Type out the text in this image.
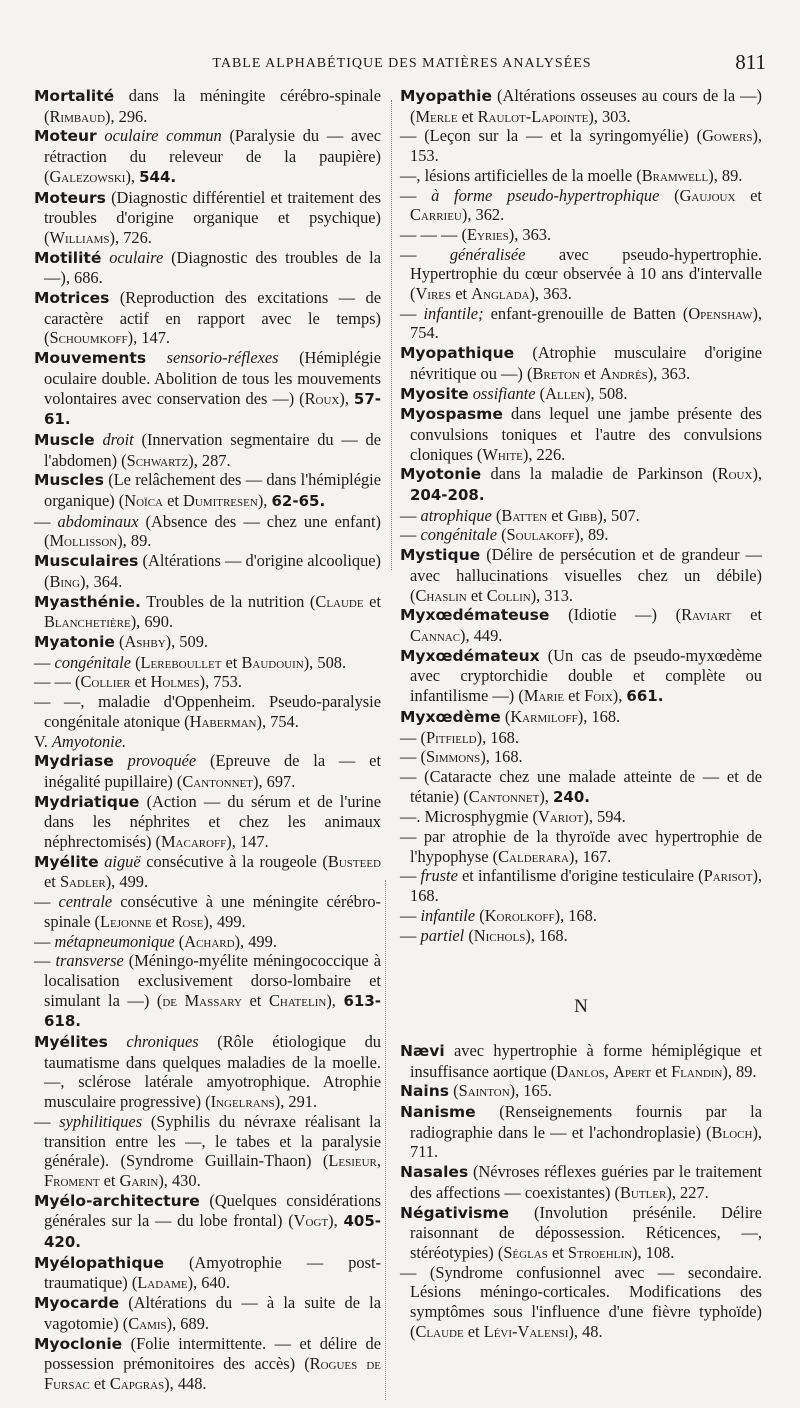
TABLE ALPHABÉTIQUE DES MATIÈRES ANALYSÉES	811

Mortalité dans la méningite cérébro-spinale (Rimbaud), 296.

Moteur oculaire commun (Paralysie du — avec rétraction du releveur de la paupière) (Galezowski), 544.

Moteurs (Diagnostic différentiel et traitement des troubles d'origine organique et psychique) (Williams), 726.

Motilité oculaire (Diagnostic des troubles de la —), 686.

Motrices (Reproduction des excitations — de caractère actif en rapport avec le temps) (Schoumkoff), 147.

Mouvements sensorio-réflexes (Hémiplégie oculaire double. Abolition de tous les mouvements volontaires avec conservation des —) (Roux), 57-61.

Muscle droit (Innervation segmentaire du — de l'abdomen) (Schwartz), 287.

Muscles (Le relâchement des — dans l'hémiplégie organique) (Noïca et Dumitresen), 62-65.

— abdominaux (Absence des — chez une enfant) (Mollisson), 89.

Musculaires (Altérations — d'origine alcoolique) (Bing), 364.

Myasthénie. Troubles de la nutrition (Claude et Blanchetière), 690.

Myatonie (Ashby), 509.

— congénitale (Lereboullet et Baudouin), 508.

— — (Collier et Holmes), 753.

— —, maladie d'Oppenheim. Pseudo-paralysie congénitale atonique (Haberman), 754.

V. Amyotonie.

Mydriase provoquée (Epreuve de la — et inégalité pupillaire) (Cantonnet), 697.

Mydriatique (Action — du sérum et de l'urine dans les néphrites et chez les animaux néphrectomisés) (Macaroff), 147.

Myélite aiguë consécutive à la rougeole (Busteed et Sadler), 499.

— centrale consécutive à une méningite cérébro-spinale (Lejonne et Rose), 499.

— métapneumonique (Achard), 499.

— transverse (Méningo-myélite méningococcique à localisation exclusivement dorso-lombaire et simulant la —) (de Massary et Chatelin), 613-618.

Myélites chroniques (Rôle étiologique du taumatisme dans quelques maladies de la moelle. —, sclérose latérale amyotrophique. Atrophie musculaire progressive) (Ingelrans), 291.

— syphilitiques (Syphilis du névraxe réalisant la transition entre les —, le tabes et la paralysie générale). (Syndrome Guillain-Thaon) (Lesieur, Froment et Garin), 430.

Myélo-architecture (Quelques considérations générales sur la — du lobe frontal) (Vogt), 405-420.

Myélopathique (Amyotrophie — post-traumatique) (Ladame), 640.

Myocarde (Altérations du — à la suite de la vagotomie) (Camis), 689.

Myoclonie (Folie intermittente. — et délire de possession prémonitoires des accès) (Rogues de Fursac et Capgras), 448.

Myopathie (Altérations osseuses au cours de la —) (Merle et Raulot-Lapointe), 303.

— (Leçon sur la — et la syringomyélie) (Gowers), 153.

—, lésions artificielles de la moelle (Bramwell), 89.

— à forme pseudo-hypertrophique (Gaujoux et Carrieu), 362.

— — — (Eyries), 363.

— généralisée avec pseudo-hypertrophie. Hypertrophie du cœur observée à 10 ans d'intervalle (Vires et Anglada), 363.

— infantile; enfant-grenouille de Batten (Openshaw), 754.

Myopathique (Atrophie musculaire d'origine névritique ou —) (Breton et Andrès), 363.

Myosite ossifiante (Allen), 508.

Myospasme dans lequel une jambe présente des convulsions toniques et l'autre des convulsions cloniques (White), 226.

Myotonie dans la maladie de Parkinson (Roux), 204-208.

— atrophique (Batten et Gibb), 507.

— congénitale (Soulakoff), 89.

Mystique (Délire de persécution et de grandeur — avec hallucinations visuelles chez un débile) (Chaslin et Collin), 313.

Myxœdémateuse (Idiotie —) (Raviart et Cannac), 449.

Myxœdémateux (Un cas de pseudo-myxœdème avec cryptorchidie double et complète ou infantilisme —) (Marie et Foix), 661.

Myxœdème (Karmiloff), 168.

— (Pitfield), 168.

— (Simmons), 168.

— (Cataracte chez une malade atteinte de — et de tétanie) (Cantonnet), 240.

—. Microsphygmie (Variot), 594.

— par atrophie de la thyroïde avec hypertrophie de l'hypophyse (Calderara), 167.

— fruste et infantilisme d'origine testiculaire (Parisot), 168.

— infantile (Korolkoff), 168.

— partiel (Nichols), 168.

N

Nævi avec hypertrophie à forme hémiplégique et insuffisance aortique (Danlos, Apert et Flandin), 89.

Nains (Sainton), 165.

Nanisme (Renseignements fournis par la radiographie dans le — et l'achondroplasie) (Bloch), 711.

Nasales (Névroses réflexes guéries par le traitement des affections — coexistantes) (Butler), 227.

Négativisme (Involution présénile. Délire raisonnant de dépossession. Réticences, —, stéréotypies) (Séglas et Stroehlin), 108.

— (Syndrome confusionnel avec — secondaire. Lésions méningo-corticales. Modifications des symptômes sous l'influence d'une fièvre typhoïde) (Claude et Lévi-Valensi), 48.
